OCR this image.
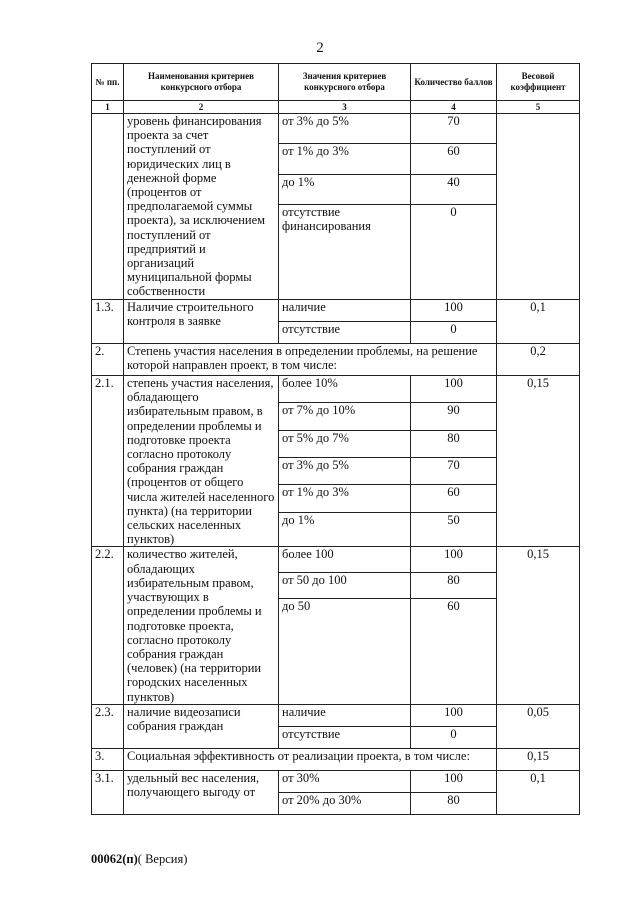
2
№ пп.	Наименования критериев конкурсного отбора	Значения критериев конкурсного отбора	Количество баллов	Весовой коэффициент
1	2	3	4	5
	уровень финансирования проекта за счет поступлений от юридических лиц в денежной форме (процентов от предполагаемой суммы проекта), за исключением поступлений от предприятий и организаций муниципальной формы собственности	от 3% до 5%	70	
		от 1% до 3%	60	
		до 1%	40	
		отсутствие финансирования	0	
1.3.	Наличие строительного контроля в заявке	наличие	100	0,1
		отсутствие	0	
2.	Степень участия населения в определении проблемы, на решение которой направлен проект, в том числе:			0,2
2.1.	степень участия населения, обладающего избирательным правом, в определении проблемы и подготовке проекта согласно протоколу собрания граждан (процентов от общего числа жителей населенного пункта) (на территории сельских населенных пунктов)	более 10%	100	0,15
		от 7% до 10%	90	
		от 5% до 7%	80	
		от 3% до 5%	70	
		от 1% до 3%	60	
		до 1%	50	
2.2.	количество жителей, обладающих избирательным правом, участвующих в определении проблемы и подготовке проекта, согласно протоколу собрания граждан (человек) (на территории городских населенных пунктов)	более 100	100	0,15
		от 50 до 100	80	
		до 50	60	
2.3.	наличие видеозаписи собрания граждан	наличие	100	0,05
		отсутствие	0	
3.	Социальная эффективность от реализации проекта, в том числе:			0,15
3.1.	удельный вес населения, получающего выгоду от	от 30%	100	0,1
		от 20% до 30%	80	
00062(п)( Версия)
